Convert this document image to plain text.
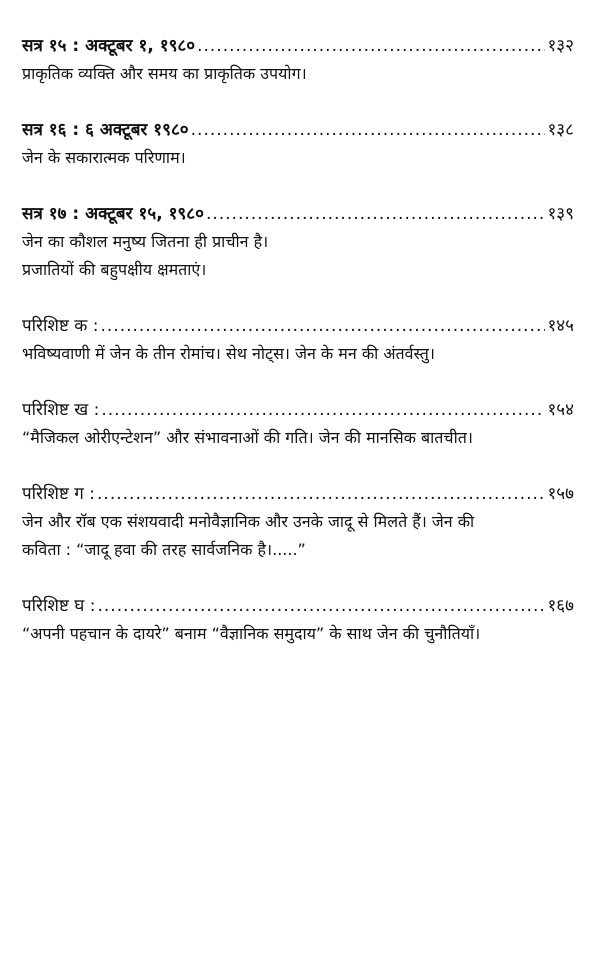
सत्र १५ : अक्टूबर १, १९८० .....	१३२

प्राकृतिक व्यक्ति और समय का प्राकृतिक उपयोग।

सत्र १६ : ६ अक्टूबर १९८० .....	१३८

जेन के सकारात्मक परिणाम।

सत्र १७ : अक्टूबर १५, १९८० .....	१३९

जेन का कौशल मनुष्य जितना ही प्राचीन है।

प्रजातियों की बहुपक्षीय क्षमताएं।

परिशिष्ट क : .....	१४५

भविष्यवाणी में जेन के तीन रोमांच। सेथ नोट्स। जेन के मन की अंतर्वस्तु।

परिशिष्ट ख : .....	१५४

“मैजिकल ओरीएन्टेशन” और संभावनाओं की गति। जेन की मानसिक बातचीत।

परिशिष्ट ग : .....	१५७

जेन और रॉब एक संशयवादी मनोवैज्ञानिक और उनके जादू से मिलते हैं। जेन की

कविता : “जादू हवा की तरह सार्वजनिक है।.....”

परिशिष्ट घ : .....	१६७

“अपनी पहचान के दायरे” बनाम “वैज्ञानिक समुदाय” के साथ जेन की चुनौतियाँ।
